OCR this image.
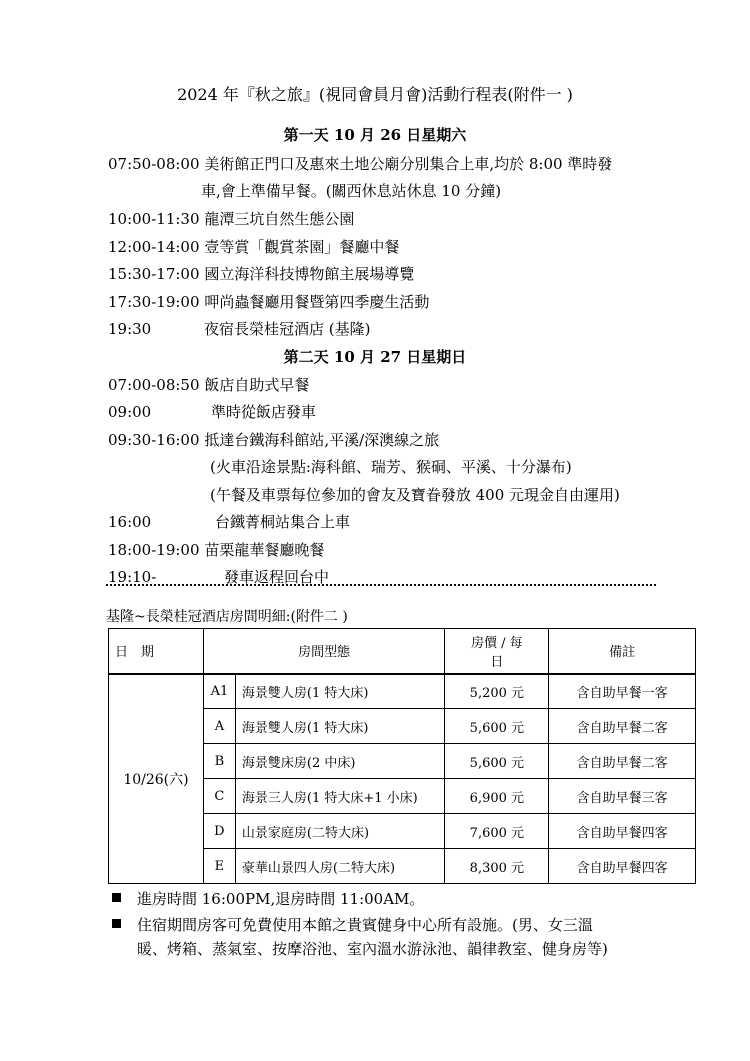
2024 年『秋之旅』(視同會員月會)活動行程表(附件一 )
第一天 10 月 26 日星期六
07:50-08:00 美術館正門口及惠來土地公廟分別集合上車,均於 8:00 準時發
車,會上準備早餐。(關西休息站休息 10 分鐘)
10:00-11:30 龍潭三坑自然生態公園
12:00-14:00 壹等賞「觀賞茶園」餐廳中餐
15:30-17:00 國立海洋科技博物館主展場導覽
17:30-19:00 呷尚蟲餐廳用餐暨第四季慶生活動
19:30	夜宿長榮桂冠酒店 (基隆)
第二天 10 月 27 日星期日
07:00-08:50 飯店自助式早餐
09:00	準時從飯店發車
09:30-16:00 抵達台鐵海科館站,平溪/深澳線之旅
(火車沿途景點:海科館、瑞芳、猴硐、平溪、十分瀑布)
(午餐及車票每位參加的會友及寶眷發放 400 元現金自由運用)
16:00	台鐵菁桐站集合上車
18:00-19:00 苗栗龍華餐廳晚餐
19:10-	發車返程回台中
基隆~長榮桂冠酒店房間明細:(附件二 )
日　期	房間型態		房價 / 每
日	備註
10/26(六)	A1	海景雙人房(1 特大床)	5,200 元	含自助早餐一客
	A	海景雙人房(1 特大床)	5,600 元	含自助早餐二客
	B	海景雙床房(2 中床)	5,600 元	含自助早餐二客
	C	海景三人房(1 特大床+1 小床)	6,900 元	含自助早餐三客
	D	山景家庭房(二特大床)	7,600 元	含自助早餐四客
	E	豪華山景四人房(二特大床)	8,300 元	含自助早餐四客
進房時間 16:00PM,退房時間 11:00AM。
住宿期間房客可免費使用本館之貴賓健身中心所有設施。(男、女三溫
暖、烤箱、蒸氣室、按摩浴池、室內溫水游泳池、韻律教室、健身房等)
